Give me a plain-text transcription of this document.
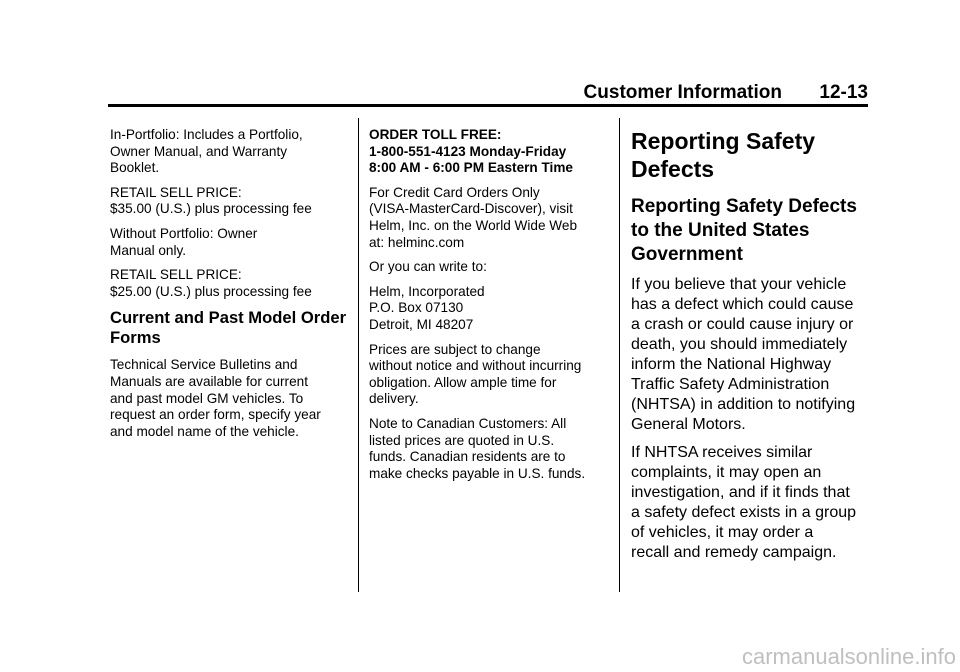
Customer Information 12-13

In-Portfolio: Includes a Portfolio,
Owner Manual, and Warranty
Booklet.

RETAIL SELL PRICE:
$35.00 (U.S.) plus processing fee

Without Portfolio: Owner
Manual only.

RETAIL SELL PRICE:
$25.00 (U.S.) plus processing fee

Current and Past Model Order
Forms

Technical Service Bulletins and
Manuals are available for current
and past model GM vehicles. To
request an order form, specify year
and model name of the vehicle.

ORDER TOLL FREE:
1-800-551-4123 Monday-Friday
8:00 AM - 6:00 PM Eastern Time

For Credit Card Orders Only
(VISA-MasterCard-Discover), visit
Helm, Inc. on the World Wide Web
at: helminc.com

Or you can write to:

Helm, Incorporated
P.O. Box 07130
Detroit, MI 48207

Prices are subject to change
without notice and without incurring
obligation. Allow ample time for
delivery.

Note to Canadian Customers: All
listed prices are quoted in U.S.
funds. Canadian residents are to
make checks payable in U.S. funds.

Reporting Safety
Defects
Reporting Safety Defects
to the United States
Government

If you believe that your vehicle
has a defect which could cause
a crash or could cause injury or
death, you should immediately
inform the National Highway
Traffic Safety Administration
(NHTSA) in addition to notifying
General Motors.

If NHTSA receives similar
complaints, it may open an
investigation, and if it finds that
a safety defect exists in a group
of vehicles, it may order a
recall and remedy campaign.

carmanualsonline.info
